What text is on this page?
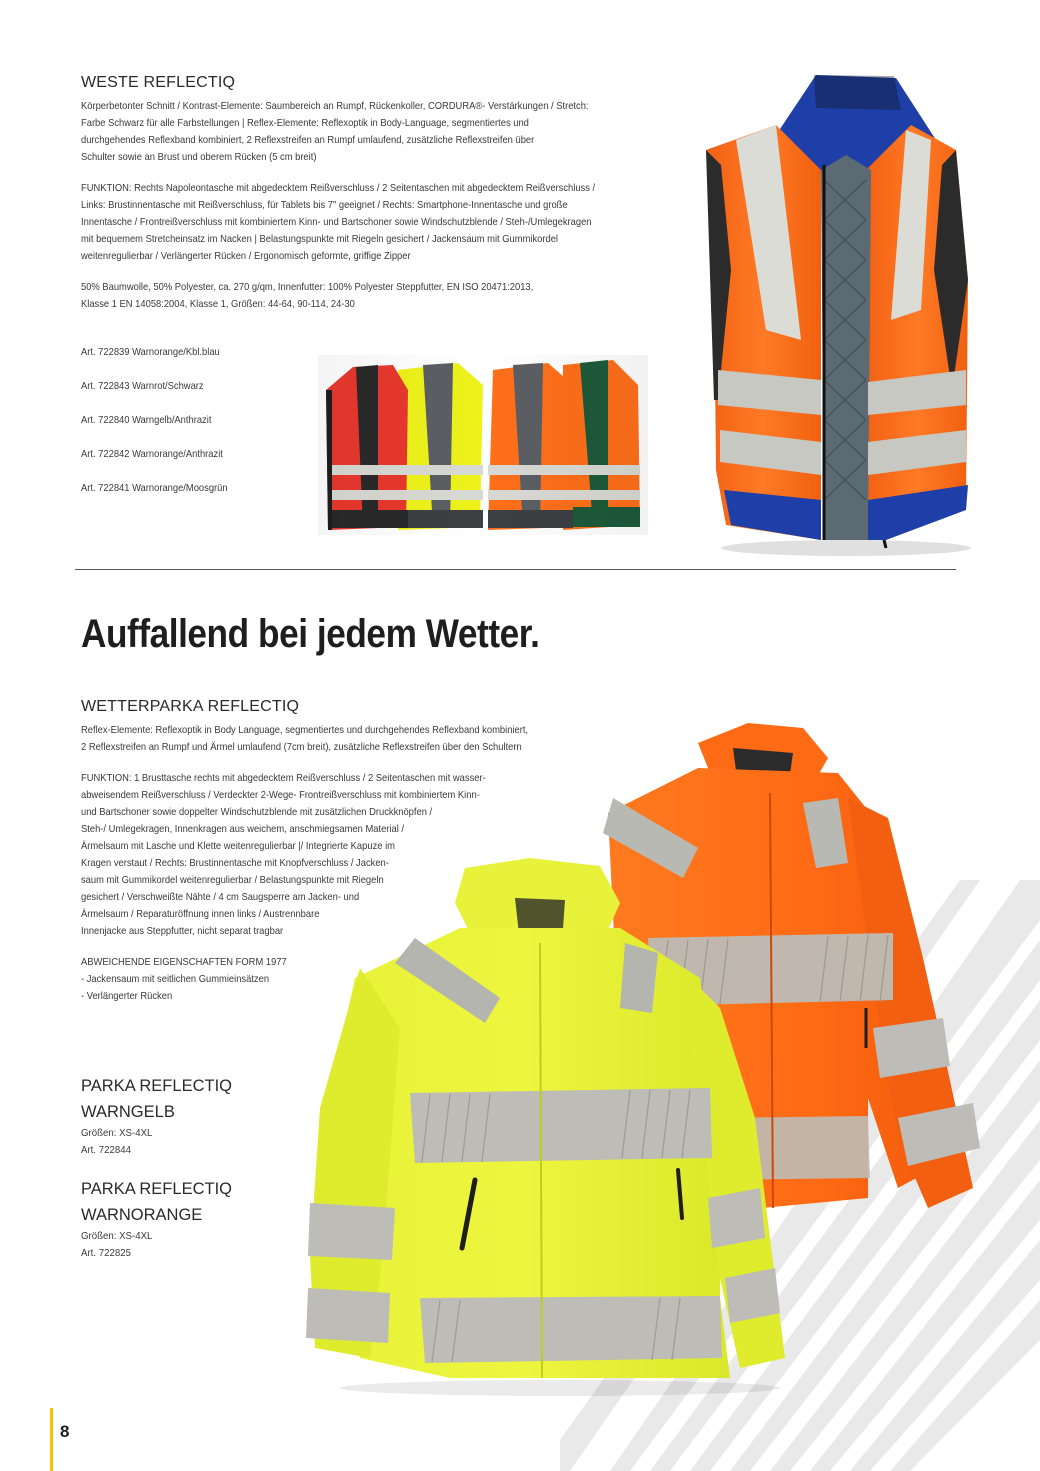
WESTE REFLECTIQ
Körperbetonter Schnitt / Kontrast-Elemente: Saumbereich an Rumpf, Rückenkoller, CORDURA®- Verstärkungen / Stretch:
Farbe Schwarz für alle Farbstellungen | Reflex-Elemente: Reflexoptik in Body-Language, segmentiertes und
durchgehendes Reflexband kombiniert, 2 Reflexstreifen an Rumpf umlaufend, zusätzliche Reflexstreifen über
Schulter sowie an Brust und oberem Rücken (5 cm breit)
FUNKTION: Rechts Napoleontasche mit abgedecktem Reißverschluss / 2 Seitentaschen mit abgedecktem Reißverschluss /
Links: Brustinnentasche mit Reißverschluss, für Tablets bis 7" geeignet / Rechts: Smartphone-Innentasche und große
Innentasche / Frontreißverschluss mit kombiniertem Kinn- und Bartschoner sowie Windschutzblende / Steh-/Umlegekragen
mit bequemem Stretcheinsatz im Nacken | Belastungspunkte mit Riegeln gesichert / Jackensaum mit Gummikordel
weitenregulierbar / Verlängerter Rücken / Ergonomisch geformte, griffige Zipper
50% Baumwolle, 50% Polyester, ca. 270 g/qm, Innenfutter: 100% Polyester Steppfutter, EN ISO 20471:2013,
Klasse 1 EN 14058:2004, Klasse 1, Größen: 44-64, 90-114, 24-30

Art. 722839 Warnorange/Kbl.blau

Art. 722843 Warnrot/Schwarz

Art. 722840 Warngelb/Anthrazit

Art. 722842 Warnorange/Anthrazit

Art. 722841 Warnorange/Moosgrün

Auffallend bei jedem Wetter.
WETTERPARKA REFLECTIQ
Reflex-Elemente: Reflexoptik in Body Language, segmentiertes und durchgehendes Reflexband kombiniert,
2 Reflexstreifen an Rumpf und Ärmel umlaufend (7cm breit), zusätzliche Reflexstreifen über den Schultern
FUNKTION: 1 Brusttasche rechts mit abgedecktem Reißverschluss / 2 Seitentaschen mit wasser-
abweisendem Reißverschluss / Verdeckter 2-Wege- Frontreißverschluss mit kombiniertem Kinn-
und Bartschoner sowie doppelter Windschutzblende mit zusätzlichen Druckknöpfen /
Steh-/ Umlegekragen, Innenkragen aus weichem, anschmiegsamen Material /
Ärmelsaum mit Lasche und Klette weitenregulierbar |/ Integrierte Kapuze im
Kragen verstaut / Rechts: Brustinnentasche mit Knopfverschluss / Jacken-
saum mit Gummikordel weitenregulierbar / Belastungspunkte mit Riegeln
gesichert / Verschweißte Nähte / 4 cm Saugsperre am Jacken- und
Ärmelsaum / Reparaturöffnung innen links / Austrennbare
Innenjacke aus Steppfutter, nicht separat tragbar
ABWEICHENDE EIGENSCHAFTEN FORM 1977
- Jackensaum mit seitlichen Gummieinsätzen
- Verlängerter Rücken

PARKA REFLECTIQ
WARNGELB

Größen: XS-4XL

Art. 722844

PARKA REFLECTIQ
WARNORANGE

Größen: XS-4XL

Art. 722825

8
